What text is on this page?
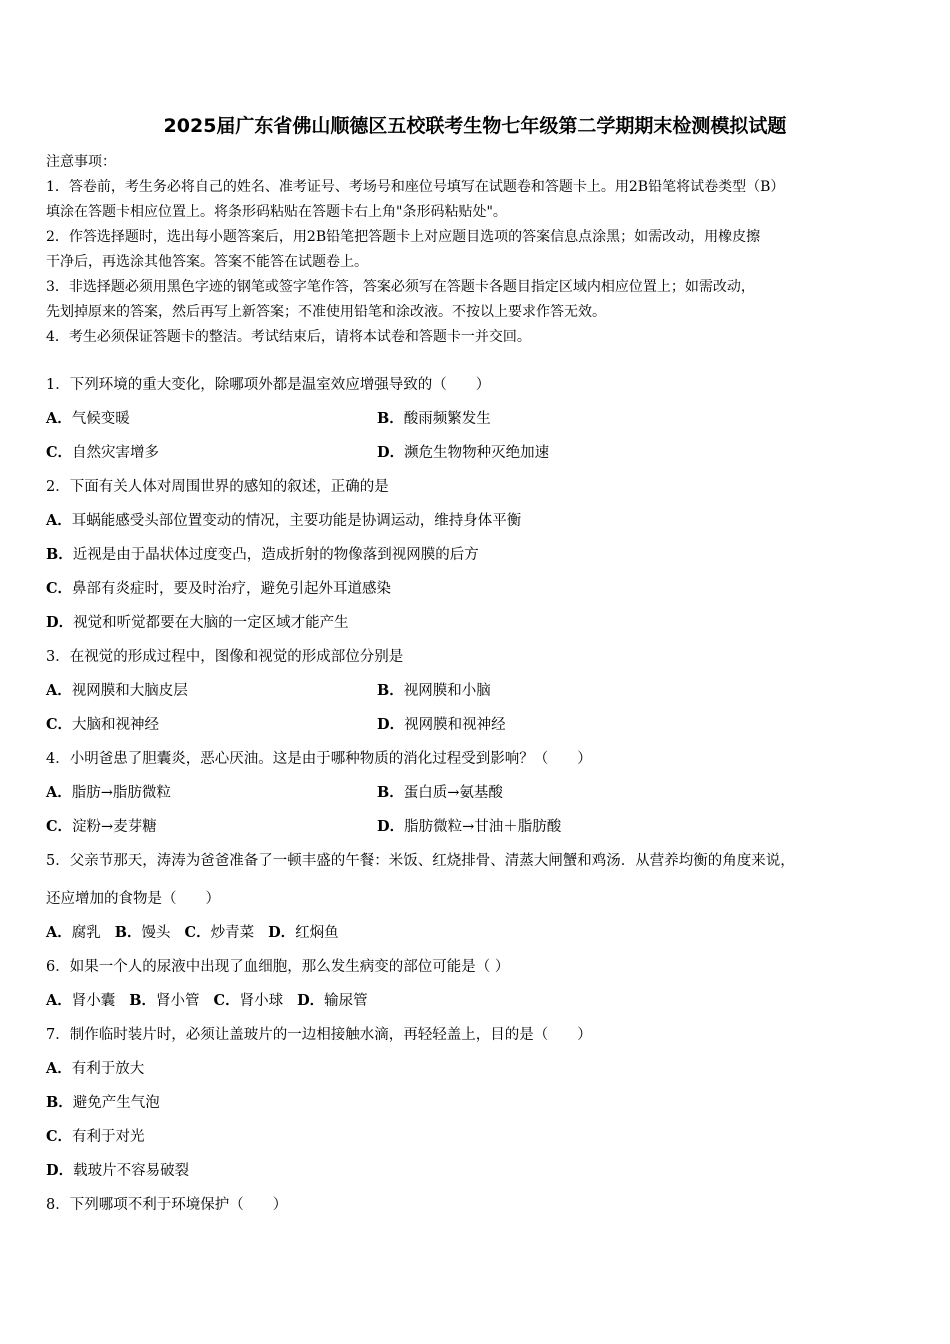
2025届广东省佛山顺德区五校联考生物七年级第二学期期末检测模拟试题

注意事项：

1．答卷前，考生务必将自己的姓名、准考证号、考场号和座位号填写在试题卷和答题卡上。用2B铅笔将试卷类型（B）

填涂在答题卡相应位置上。将条形码粘贴在答题卡右上角"条形码粘贴处"。

2．作答选择题时，选出每小题答案后，用2B铅笔把答题卡上对应题目选项的答案信息点涂黑；如需改动，用橡皮擦

干净后，再选涂其他答案。答案不能答在试题卷上。

3．非选择题必须用黑色字迹的钢笔或签字笔作答，答案必须写在答题卡各题目指定区域内相应位置上；如需改动，

先划掉原来的答案，然后再写上新答案；不准使用铅笔和涂改液。不按以上要求作答无效。

4．考生必须保证答题卡的整洁。考试结束后，请将本试卷和答题卡一并交回。

1．下列环境的重大变化，除哪项外都是温室效应增强导致的（　　）
A．气候变暖	B．酸雨频繁发生
C．自然灾害增多	D．濒危生物物种灭绝加速
2．下面有关人体对周围世界的感知的叙述，正确的是
A．耳蜗能感受头部位置变动的情况，主要功能是协调运动，维持身体平衡
B．近视是由于晶状体过度变凸，造成折射的物像落到视网膜的后方
C．鼻部有炎症时，要及时治疗，避免引起外耳道感染
D．视觉和听觉都要在大脑的一定区域才能产生
3．在视觉的形成过程中，图像和视觉的形成部位分别是
A．视网膜和大脑皮层	B．视网膜和小脑
C．大脑和视神经	D．视网膜和视神经
4．小明爸患了胆囊炎，恶心厌油。这是由于哪种物质的消化过程受到影响？（　　）
A．脂肪→脂肪微粒	B．蛋白质→氨基酸
C．淀粉→麦芽糖	D．脂肪微粒→甘油＋脂肪酸
5．父亲节那天，涛涛为爸爸准备了一顿丰盛的午餐：米饭、红烧排骨、清蒸大闸蟹和鸡汤．从营养均衡的角度来说，
还应增加的食物是（　　）
A．腐乳 B．馒头 C．炒青菜 D．红焖鱼
6．如果一个人的尿液中出现了血细胞，那么发生病变的部位可能是（ ）
A．肾小囊 B．肾小管 C．肾小球 D．输尿管
7．制作临时装片时，必须让盖玻片的一边相接触水滴，再轻轻盖上，目的是（　　）
A．有利于放大
B．避免产生气泡
C．有利于对光
D．载玻片不容易破裂
8．下列哪项不利于环境保护（　　）
